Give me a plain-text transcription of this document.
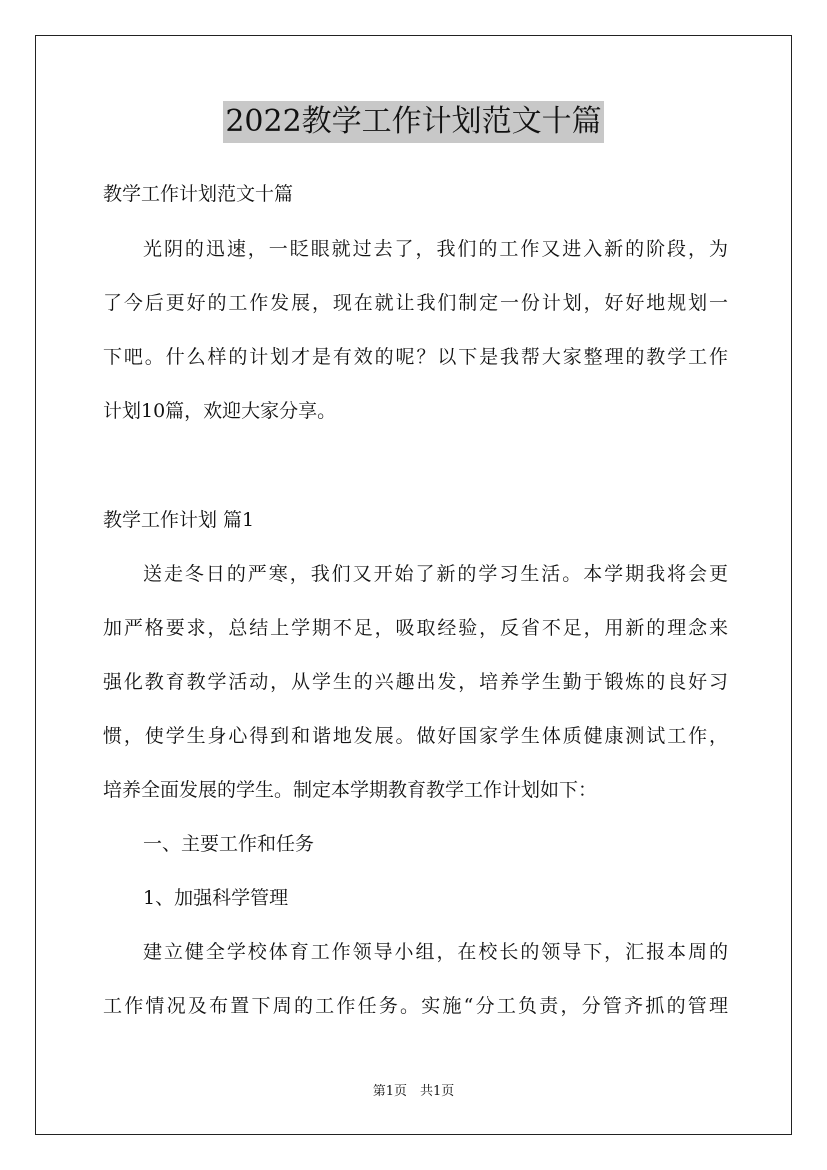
2022教学工作计划范文十篇
教学工作计划范文十篇
光阴的迅速，一眨眼就过去了，我们的工作又进入新的阶段，为
了今后更好的工作发展，现在就让我们制定一份计划，好好地规划一
下吧。什么样的计划才是有效的呢？以下是我帮大家整理的教学工作
计划10篇，欢迎大家分享。
教学工作计划 篇1
送走冬日的严寒，我们又开始了新的学习生活。本学期我将会更
加严格要求，总结上学期不足，吸取经验，反省不足，用新的理念来
强化教育教学活动，从学生的兴趣出发，培养学生勤于锻炼的良好习
惯，使学生身心得到和谐地发展。做好国家学生体质健康测试工作，
培养全面发展的学生。制定本学期教育教学工作计划如下：
一、主要工作和任务
1、加强科学管理
建立健全学校体育工作领导小组，在校长的领导下，汇报本周的
工作情况及布置下周的工作任务。实施“分工负责，分管齐抓的管理
第1页　共1页
